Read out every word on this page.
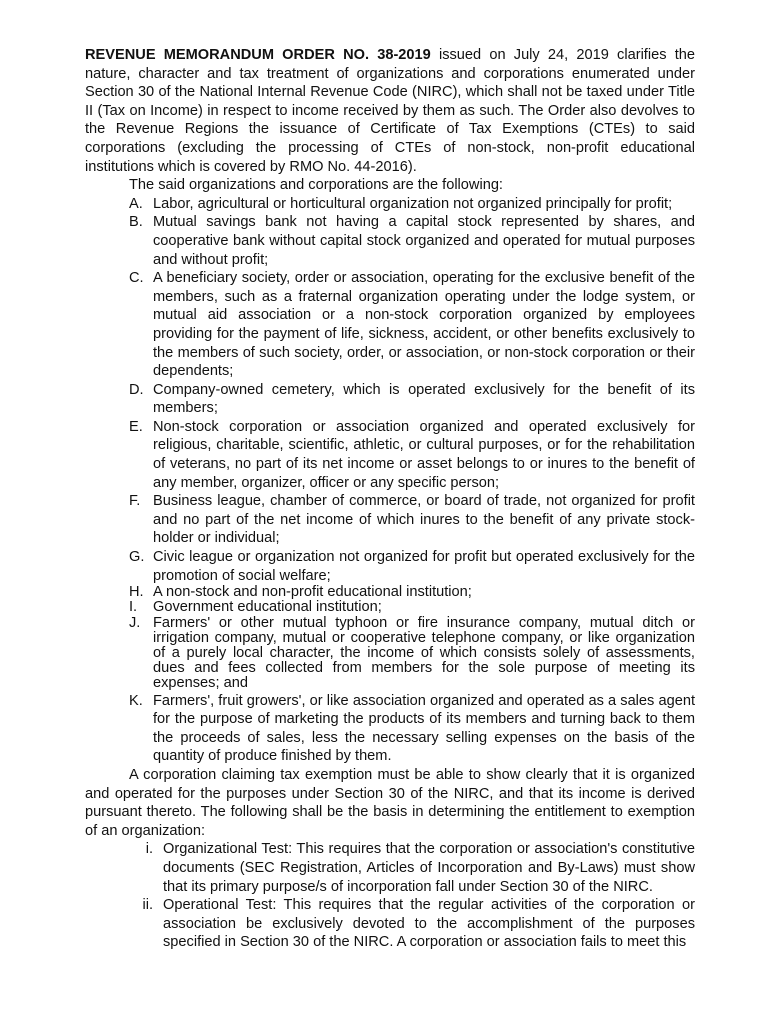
REVENUE MEMORANDUM ORDER NO. 38-2019 issued on July 24, 2019 clarifies the nature, character and tax treatment of organizations and corporations enumerated under Section 30 of the National Internal Revenue Code (NIRC), which shall not be taxed under Title II (Tax on Income) in respect to income received by them as such. The Order also devolves to the Revenue Regions the issuance of Certificate of Tax Exemptions (CTEs) to said corporations (excluding the processing of CTEs of non-stock, non-profit educational institutions which is covered by RMO No. 44-2016).

The said organizations and corporations are the following:

A. Labor, agricultural or horticultural organization not organized principally for profit;
B. Mutual savings bank not having a capital stock represented by shares, and cooperative bank without capital stock organized and operated for mutual purposes and without profit;
C. A beneficiary society, order or association, operating for the exclusive benefit of the members, such as a fraternal organization operating under the lodge system, or mutual aid association or a non-stock corporation organized by employees providing for the payment of life, sickness, accident, or other benefits exclusively to the members of such society, order, or association, or non-stock corporation or their dependents;
D. Company-owned cemetery, which is operated exclusively for the benefit of its members;
E. Non-stock corporation or association organized and operated exclusively for religious, charitable, scientific, athletic, or cultural purposes, or for the rehabilitation of veterans, no part of its net income or asset belongs to or inures to the benefit of any member, organizer, officer or any specific person;
F. Business league, chamber of commerce, or board of trade, not organized for profit and no part of the net income of which inures to the benefit of any private stock-holder or individual;
G. Civic league or organization not organized for profit but operated exclusively for the promotion of social welfare;
H. A non-stock and non-profit educational institution;
I.	Government educational institution;
J. Farmers' or other mutual typhoon or fire insurance company, mutual ditch or irrigation company, mutual or cooperative telephone company, or like organization of a purely local character, the income of which consists solely of assessments, dues and fees collected from members for the sole purpose of meeting its expenses; and
K. Farmers', fruit growers', or like association organized and operated as a sales agent for the purpose of marketing the products of its members and turning back to them the proceeds of sales, less the necessary selling expenses on the basis of the quantity of produce finished by them.

A corporation claiming tax exemption must be able to show clearly that it is organized and operated for the purposes under Section 30 of the NIRC, and that its income is derived pursuant thereto. The following shall be the basis in determining the entitlement to exemption of an organization:

i. Organizational Test: This requires that the corporation or association's constitutive documents (SEC Registration, Articles of Incorporation and By-Laws) must show that its primary purpose/s of incorporation fall under Section 30 of the NIRC.
ii. Operational Test: This requires that the regular activities of the corporation or association be exclusively devoted to the accomplishment of the purposes specified in Section 30 of the NIRC. A corporation or association fails to meet this
